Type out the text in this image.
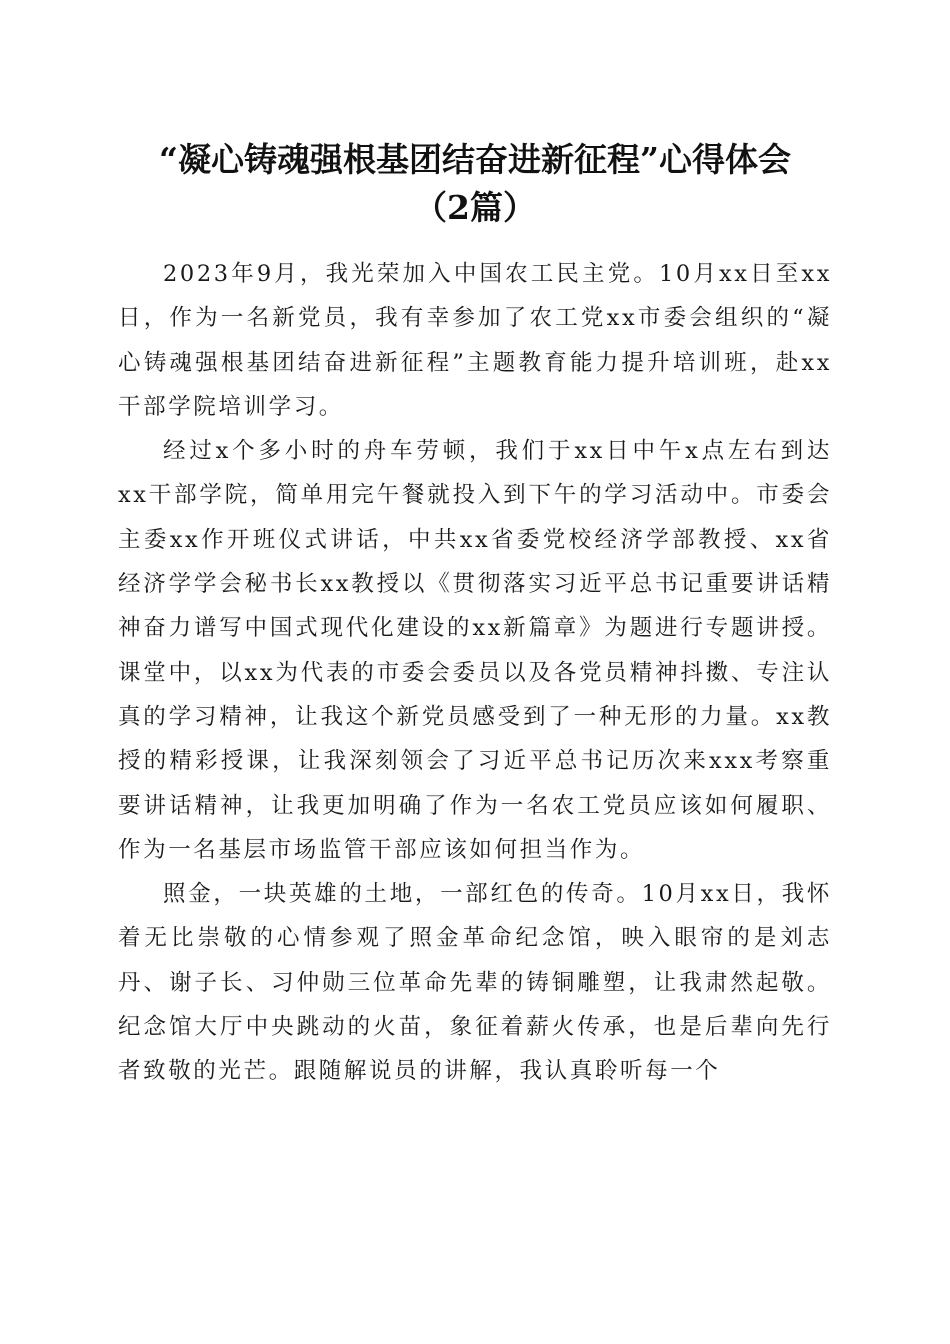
“凝心铸魂强根基团结奋进新征程”心得体会
（2篇）

2023年9月，我光荣加入中国农工民主党。10月xx日至xx日，作为一名新党员，我有幸参加了农工党xx市委会组织的“凝心铸魂强根基团结奋进新征程”主题教育能力提升培训班，赴xx干部学院培训学习。

经过x个多小时的舟车劳顿，我们于xx日中午x点左右到达xx干部学院，简单用完午餐就投入到下午的学习活动中。市委会主委xx作开班仪式讲话，中共xx省委党校经济学部教授、xx省经济学学会秘书长xx教授以《贯彻落实习近平总书记重要讲话精神奋力谱写中国式现代化建设的xx新篇章》为题进行专题讲授。课堂中，以xx为代表的市委会委员以及各党员精神抖擞、专注认真的学习精神，让我这个新党员感受到了一种无形的力量。xx教授的精彩授课，让我深刻领会了习近平总书记历次来xxx考察重要讲话精神，让我更加明确了作为一名农工党员应该如何履职、作为一名基层市场监管干部应该如何担当作为。

照金，一块英雄的土地，一部红色的传奇。10月xx日，我怀着无比崇敬的心情参观了照金革命纪念馆，映入眼帘的是刘志丹、谢子长、习仲勋三位革命先辈的铸铜雕塑，让我肃然起敬。纪念馆大厅中央跳动的火苗，象征着薪火传承，也是后辈向先行者致敬的光芒。跟随解说员的讲解，我认真聆听每一个
